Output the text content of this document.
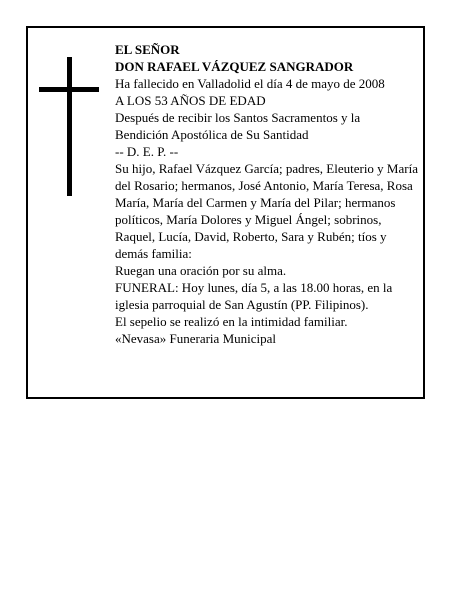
EL SEÑOR
DON RAFAEL VÁZQUEZ SANGRADOR
Ha fallecido en Valladolid el día 4 de mayo de 2008
A LOS 53 AÑOS DE EDAD
Después de recibir los Santos Sacramentos y la
Bendición Apostólica de Su Santidad
-- D. E. P. --
Su hijo, Rafael Vázquez García; padres, Eleuterio y María del Rosario; hermanos, José Antonio, María Teresa, Rosa María, María del Carmen y María del Pilar; hermanos políticos, María Dolores y Miguel Ángel; sobrinos, Raquel, Lucía, David, Roberto, Sara y Rubén; tíos y demás familia:
Ruegan una oración por su alma.
FUNERAL: Hoy lunes, día 5, a las 18.00 horas, en la iglesia parroquial de San Agustín (PP. Filipinos).
El sepelio se realizó en la intimidad familiar.
«Nevasa» Funeraria Municipal
